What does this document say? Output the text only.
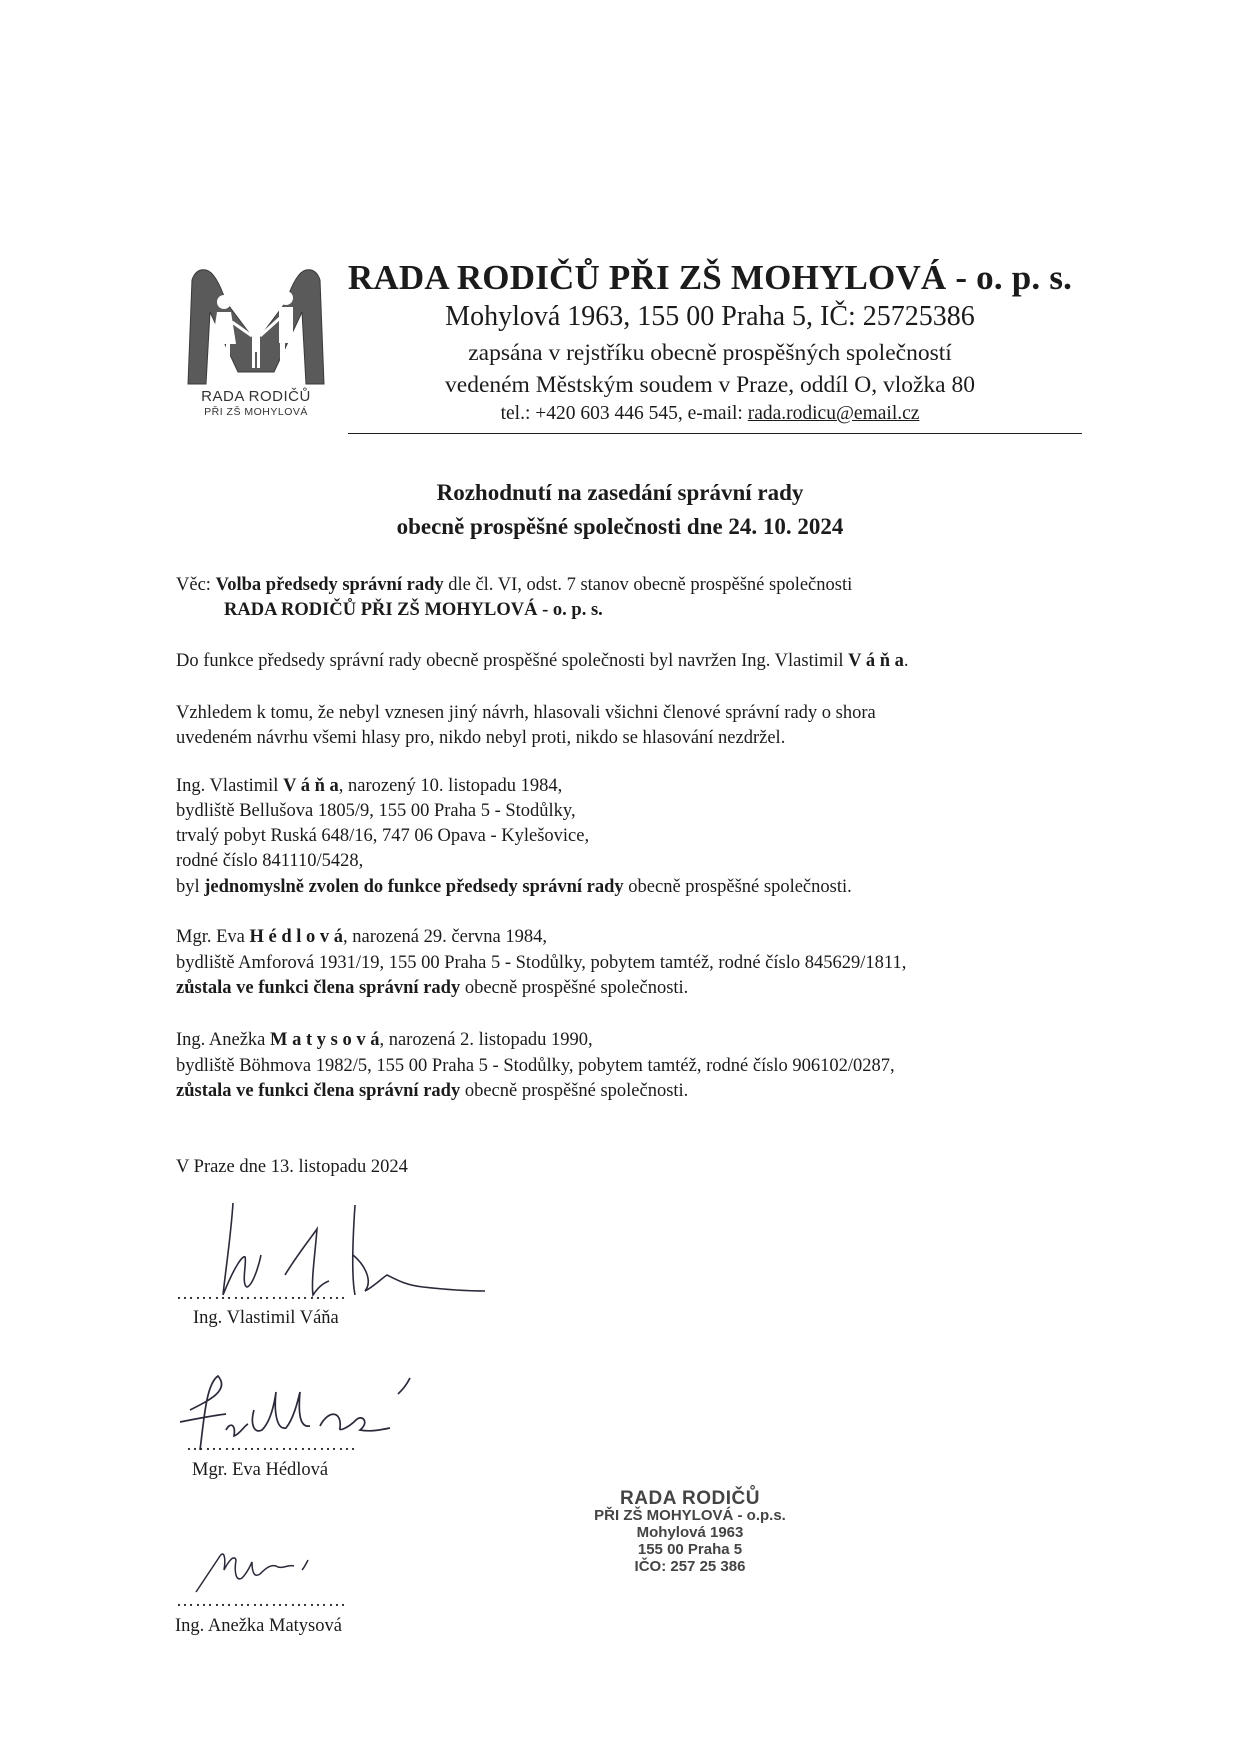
RADA RODIČŮ
PŘI ZŠ MOHYLOVÁ
RADA RODIČŮ PŘI ZŠ MOHYLOVÁ - o. p. s.
Mohylová 1963, 155 00 Praha 5, IČ: 25725386
zapsána v rejstříku obecně prospěšných společností
vedeném Městským soudem v Praze, oddíl O, vložka 80
tel.: +420 603 446 545, e-mail: rada.rodicu@email.cz
Rozhodnutí na zasedání správní rady
obecně prospěšné společnosti dne 24. 10. 2024
Věc: Volba předsedy správní rady dle čl. VI, odst. 7 stanov obecně prospěšné společnosti
RADA RODIČŮ PŘI ZŠ MOHYLOVÁ - o. p. s.
Do funkce předsedy správní rady obecně prospěšné společnosti byl navržen Ing. Vlastimil V á ň a.
Vzhledem k tomu, že nebyl vznesen jiný návrh, hlasovali všichni členové správní rady o shora
uvedeném návrhu všemi hlasy pro, nikdo nebyl proti, nikdo se hlasování nezdržel.
Ing. Vlastimil V á ň a, narozený 10. listopadu 1984,
bydliště Bellušova 1805/9, 155 00 Praha 5 - Stodůlky,
trvalý pobyt Ruská 648/16, 747 06 Opava - Kylešovice,
rodné číslo 841110/5428,
byl jednomyslně zvolen do funkce předsedy správní rady obecně prospěšné společnosti.
Mgr. Eva H é d l o v á, narozená 29. června 1984,
bydliště Amforová 1931/19, 155 00 Praha 5 - Stodůlky, pobytem tamtéž, rodné číslo 845629/1811,
zůstala ve funkci člena správní rady obecně prospěšné společnosti.
Ing. Anežka M a t y s o v á, narozená 2. listopadu 1990,
bydliště Böhmova 1982/5, 155 00 Praha 5 - Stodůlky, pobytem tamtéž, rodné číslo 906102/0287,
zůstala ve funkci člena správní rady obecně prospěšné společnosti.
V Praze dne 13. listopadu 2024
………………………
Ing. Vlastimil Váňa
………………………
Mgr. Eva Hédlová
………………………
Ing. Anežka Matysová
RADA RODIČŮ
PŘI ZŠ MOHYLOVÁ - o.p.s.
Mohylová 1963
155 00 Praha 5
IČO: 257 25 386
